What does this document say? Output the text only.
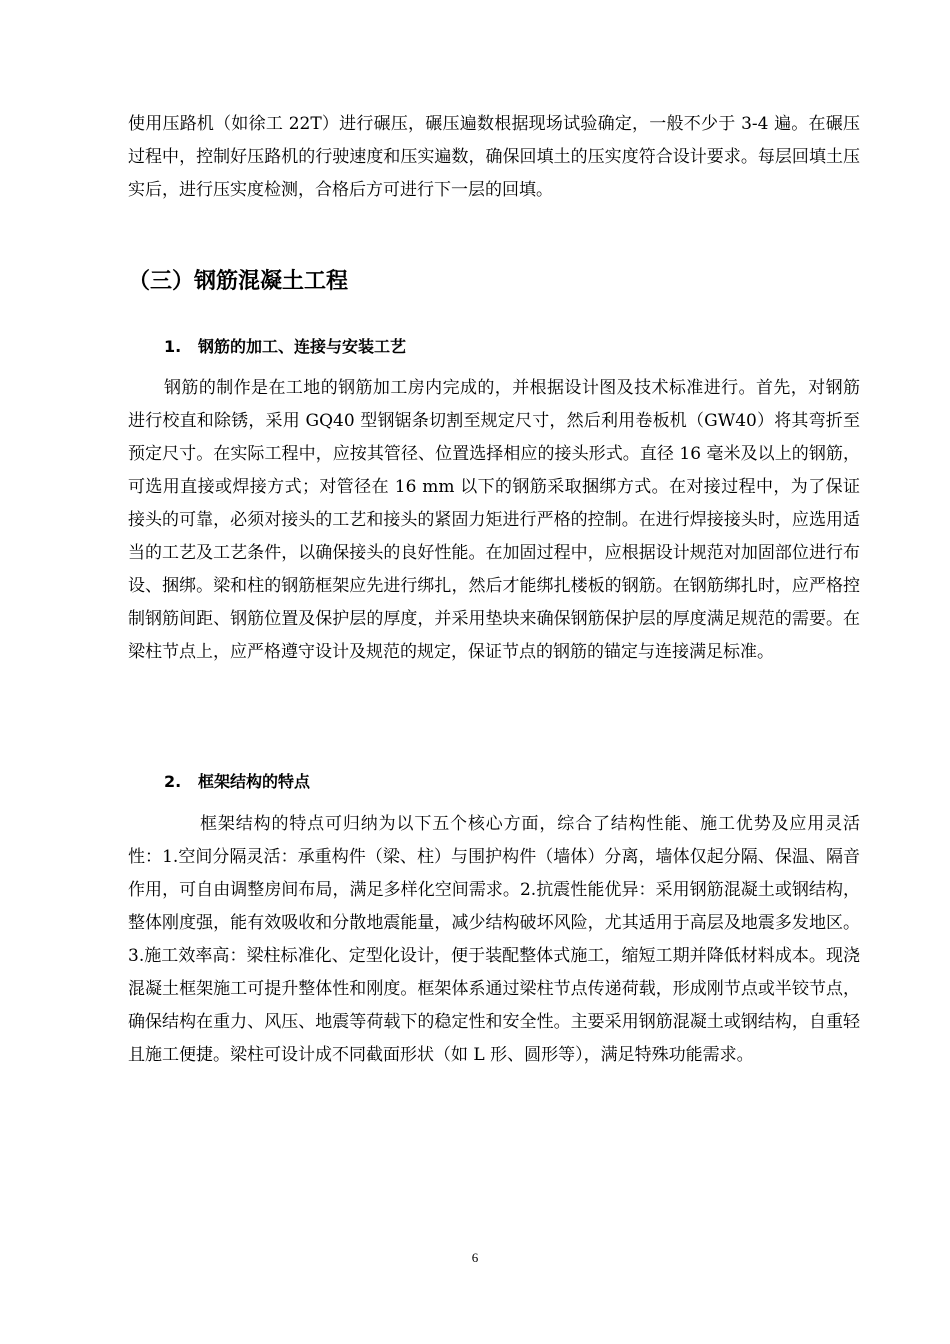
使用压路机（如徐工 22T）进行碾压，碾压遍数根据现场试验确定，一般不少于 3-4 遍。在碾压过程中，控制好压路机的行驶速度和压实遍数，确保回填土的压实度符合设计要求。每层回填土压实后，进行压实度检测，合格后方可进行下一层的回填。

（三）钢筋混凝土工程
1. 钢筋的加工、连接与安装工艺

钢筋的制作是在工地的钢筋加工房内完成的，并根据设计图及技术标准进行。首先，对钢筋进行校直和除锈，采用 GQ40 型钢锯条切割至规定尺寸，然后利用卷板机（GW40）将其弯折至预定尺寸。在实际工程中，应按其管径、位置选择相应的接头形式。直径 16 毫米及以上的钢筋，可选用直接或焊接方式；对管径在 16 mm 以下的钢筋采取捆绑方式。在对接过程中，为了保证接头的可靠，必须对接头的工艺和接头的紧固力矩进行严格的控制。在进行焊接接头时，应选用适当的工艺及工艺条件，以确保接头的良好性能。在加固过程中，应根据设计规范对加固部位进行布设、捆绑。梁和柱的钢筋框架应先进行绑扎，然后才能绑扎楼板的钢筋。在钢筋绑扎时，应严格控制钢筋间距、钢筋位置及保护层的厚度，并采用垫块来确保钢筋保护层的厚度满足规范的需要。在梁柱节点上，应严格遵守设计及规范的规定，保证节点的钢筋的锚定与连接满足标准。

2. 框架结构的特点

框架结构的特点可归纳为以下五个核心方面，综合了结构性能、施工优势及应用灵活性：1.空间分隔灵活：承重构件（梁、柱）与围护构件（墙体）分离，墙体仅起分隔、保温、隔音作用，可自由调整房间布局，满足多样化空间需求。2.抗震性能优异：采用钢筋混凝土或钢结构，整体刚度强，能有效吸收和分散地震能量，减少结构破坏风险，尤其适用于高层及地震多发地区。3.施工效率高：梁柱标准化、定型化设计，便于装配整体式施工，缩短工期并降低材料成本。现浇混凝土框架施工可提升整体性和刚度。框架体系通过梁柱节点传递荷载，形成刚节点或半铰节点，确保结构在重力、风压、地震等荷载下的稳定性和安全性。主要采用钢筋混凝土或钢结构，自重轻且施工便捷。梁柱可设计成不同截面形状（如 L 形、圆形等），满足特殊功能需求。

6
